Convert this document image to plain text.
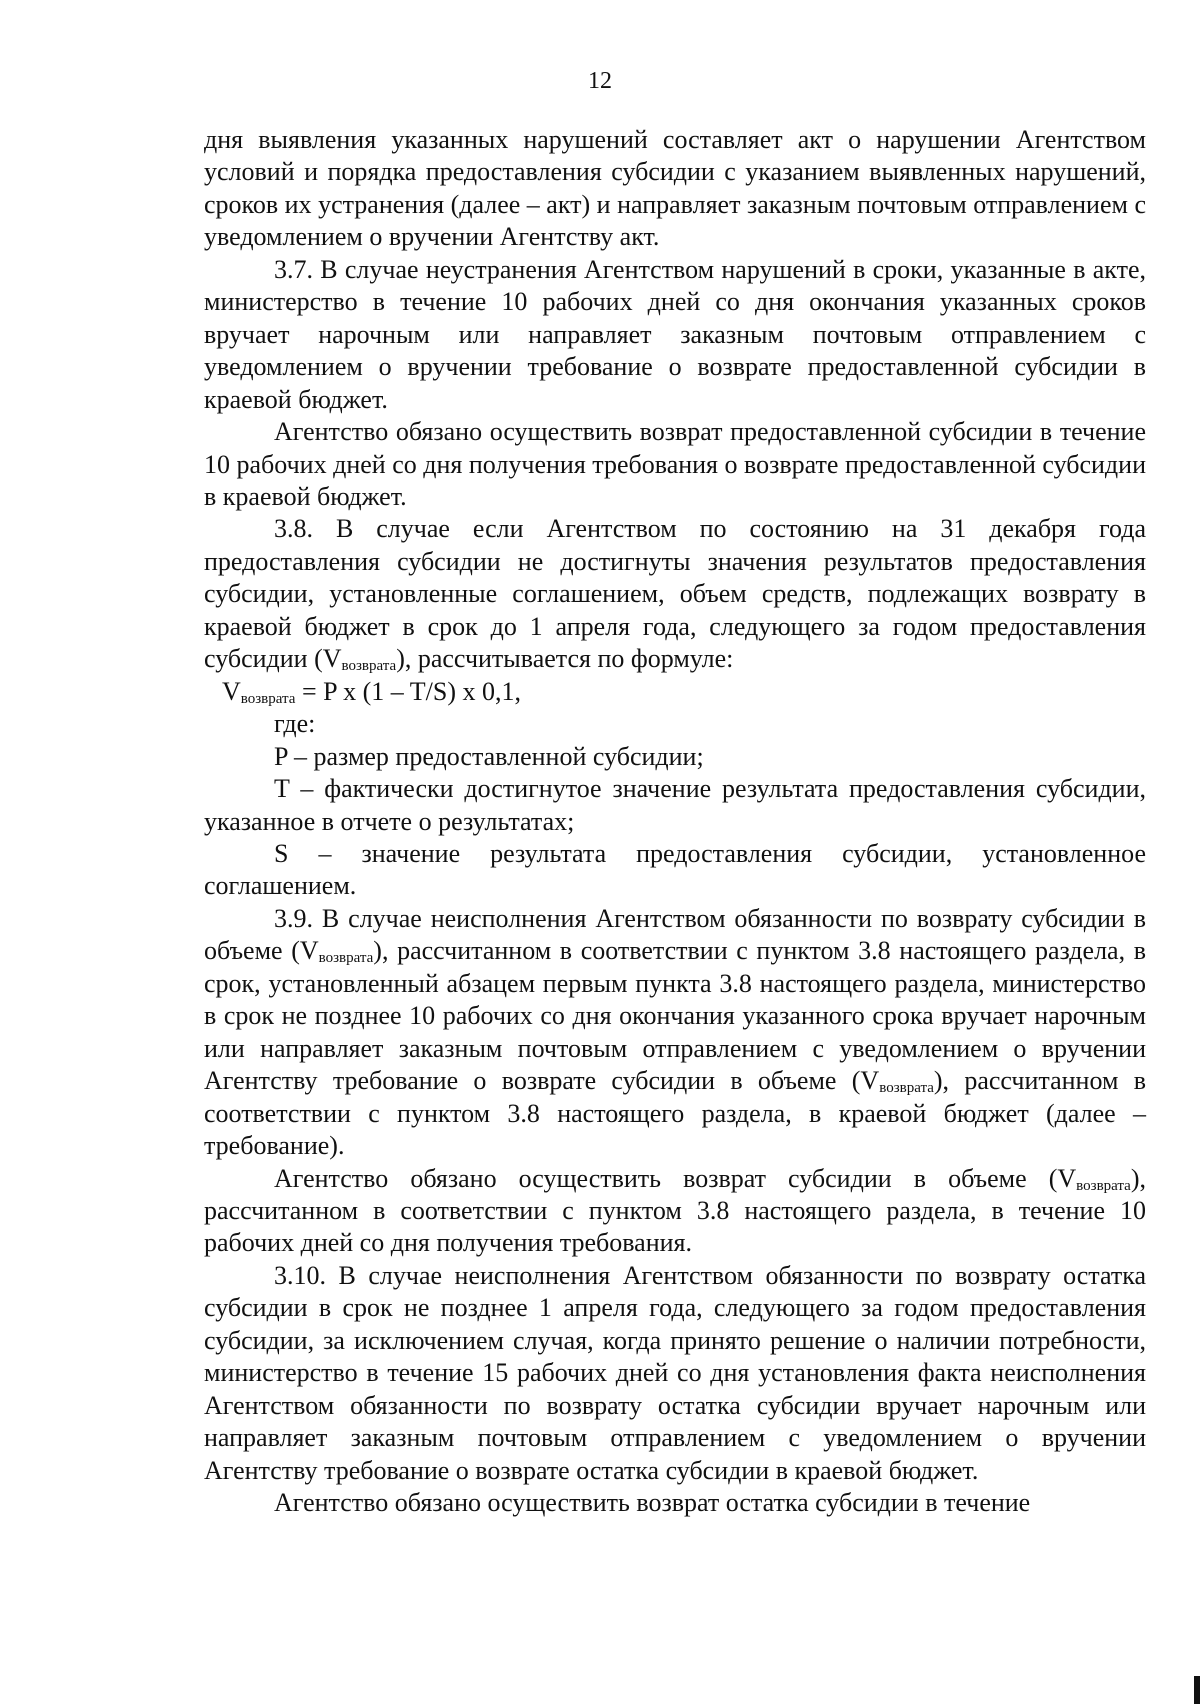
12

дня выявления указанных нарушений составляет акт о нарушении Агентством условий и порядка предоставления субсидии с указанием выявленных нарушений, сроков их устранения (далее – акт) и направляет заказным почтовым отправлением с уведомлением о вручении Агентству акт.

3.7. В случае неустранения Агентством нарушений в сроки, указанные в акте, министерство в течение 10 рабочих дней со дня окончания указанных сроков вручает нарочным или направляет заказным почтовым отправлением с уведомлением о вручении требование о возврате предоставленной субсидии в краевой бюджет.

Агентство обязано осуществить возврат предоставленной субсидии в течение 10 рабочих дней со дня получения требования о возврате предоставленной субсидии в краевой бюджет.

3.8. В случае если Агентством по состоянию на 31 декабря года предоставления субсидии не достигнуты значения результатов предоставления субсидии, установленные соглашением, объем средств, подлежащих возврату в краевой бюджет в срок до 1 апреля года, следующего за годом предоставления субсидии $(V_{возврата})$, рассчитывается по формуле:

$V_{возврата} = P$ x (1 – T/S) x 0,1,

где:

P – размер предоставленной субсидии;

T – фактически достигнутое значение результата предоставления субсидии, указанное в отчете о результатах;

S – значение результата предоставления субсидии, установленное соглашением.

3.9. В случае неисполнения Агентством обязанности по возврату субсидии в объеме $(V_{возврата})$, рассчитанном в соответствии с пунктом 3.8 настоящего раздела, в срок, установленный абзацем первым пункта 3.8 настоящего раздела, министерство в срок не позднее 10 рабочих со дня окончания указанного срока вручает нарочным или направляет заказным почтовым отправлением с уведомлением о вручении Агентству требование о возврате субсидии в объеме $(V_{возврата})$, рассчитанном в соответствии с пунктом 3.8 настоящего раздела, в краевой бюджет (далее – требование).

Агентство обязано осуществить возврат субсидии в объеме $(V_{возврата})$, рассчитанном в соответствии с пунктом 3.8 настоящего раздела, в течение 10 рабочих дней со дня получения требования.

3.10. В случае неисполнения Агентством обязанности по возврату остатка субсидии в срок не позднее 1 апреля года, следующего за годом предоставления субсидии, за исключением случая, когда принято решение о наличии потребности, министерство в течение 15 рабочих дней со дня установления факта неисполнения Агентством обязанности по возврату остатка субсидии вручает нарочным или направляет заказным почтовым отправлением с уведомлением о вручении Агентству требование о возврате остатка субсидии в краевой бюджет.

Агентство обязано осуществить возврат остатка субсидии в течение
